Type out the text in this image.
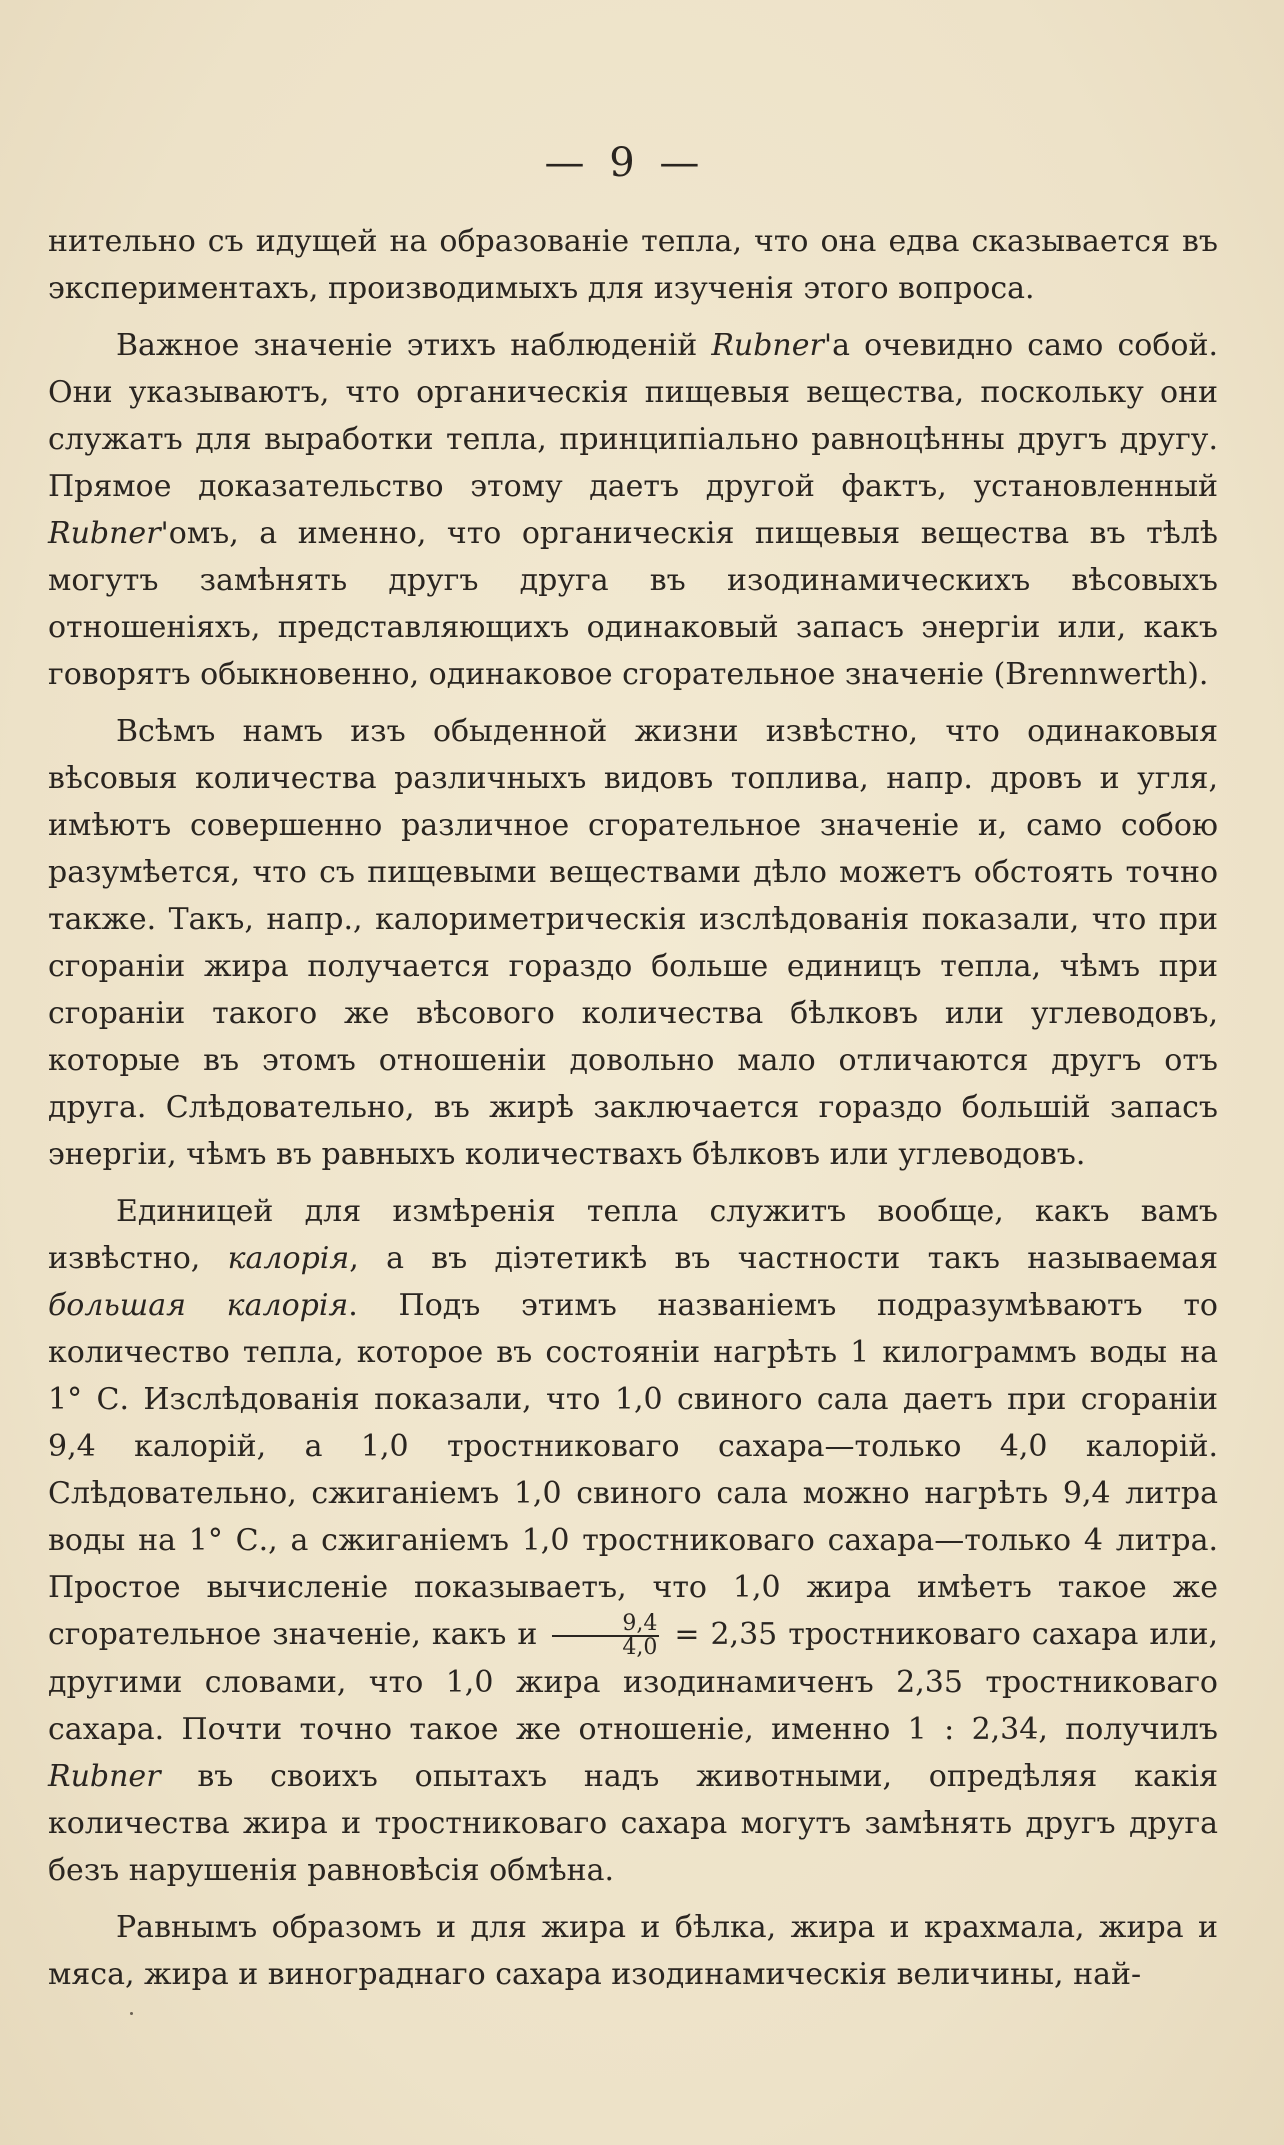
— 9 —

нительно съ идущей на образованіе тепла, что она едва сказывается въ экспериментахъ, производимыхъ для изученія этого вопроса.

Важное значеніе этихъ наблюденій Rubner'а очевидно само собой. Они указываютъ, что органическія пищевыя вещества, поскольку они служатъ для выработки тепла, принципіально равноцѣнны другъ другу. Прямое доказательство этому даетъ другой фактъ, установленный Rubner'омъ, а именно, что органическія пищевыя вещества въ тѣлѣ могутъ замѣнять другъ друга въ изодинамическихъ вѣсовыхъ отношеніяхъ, представляющихъ одинаковый запасъ энергіи или, какъ говорятъ обыкновенно, одинаковое сгорательное значеніе (Brennwerth).

Всѣмъ намъ изъ обыденной жизни извѣстно, что одинаковыя вѣсовыя количества различныхъ видовъ топлива, напр. дровъ и угля, имѣютъ совершенно различное сгорательное значеніе и, само собою разумѣется, что съ пищевыми веществами дѣло можетъ обстоять точно также. Такъ, напр., калориметрическія изслѣдованія показали, что при сгораніи жира получается гораздо больше единицъ тепла, чѣмъ при сгораніи такого же вѣсового количества бѣлковъ или углеводовъ, которые въ этомъ отношеніи довольно мало отличаются другъ отъ друга. Слѣдовательно, въ жирѣ заключается гораздо большій запасъ энергіи, чѣмъ въ равныхъ количествахъ бѣлковъ или углеводовъ.

Единицей для измѣренія тепла служитъ вообще, какъ вамъ извѣстно, калорія, а въ діэтетикѣ въ частности такъ называемая большая калорія. Подъ этимъ названіемъ подразумѣваютъ то количество тепла, которое въ состояніи нагрѣть 1 килограммъ воды на 1° С. Изслѣдованія показали, что 1,0 свиного сала даетъ при сгораніи 9,4 калорій, а 1,0 тростниковаго сахара—только 4,0 калорій. Слѣдовательно, сжиганіемъ 1,0 свиного сала можно нагрѣть 9,4 литра воды на 1° С., а сжиганіемъ 1,0 тростниковаго сахара—только 4 литра. Простое вычисленіе показываетъ, что 1,0 жира имѣетъ такое же сгорательное значеніе, какъ и $\frac{9,4}{4,0} = 2,35$ тростниковаго сахара или, другими словами, что 1,0 жира изодинамиченъ 2,35 тростниковаго сахара. Почти точно такое же отношеніе, именно 1 : 2,34, получилъ Rubner въ своихъ опытахъ надъ животными, опредѣляя какія количества жира и тростниковаго сахара могутъ замѣнять другъ друга безъ нарушенія равновѣсія обмѣна.

Равнымъ образомъ и для жира и бѣлка, жира и крахмала, жира и мяса, жира и винограднаго сахара изодинамическія величины, най-
